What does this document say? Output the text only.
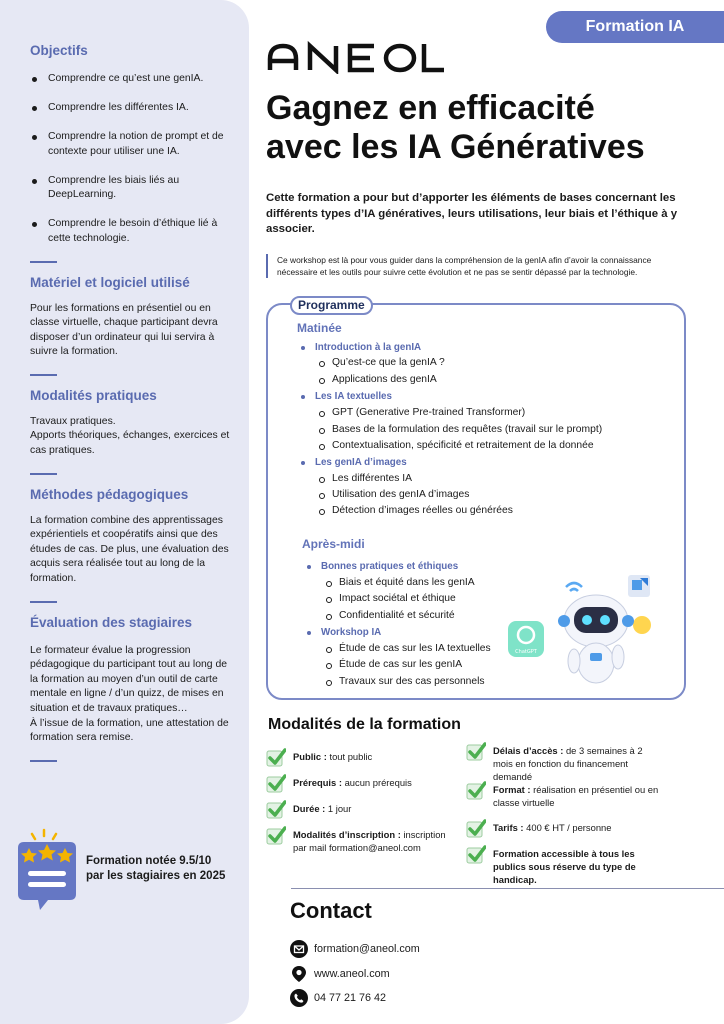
Objectifs
Comprendre ce qu’est une genIA.
Comprendre les différentes IA.
Comprendre la notion de prompt et de contexte pour utiliser une IA.
Comprendre les biais liés au DeepLearning.
Comprendre le besoin d’éthique lié à cette technologie.
Matériel et logiciel utilisé
Pour les formations en présentiel ou en classe virtuelle, chaque participant devra disposer d’un ordinateur qui lui servira à suivre la formation.
Modalités pratiques
Travaux pratiques.
Apports théoriques, échanges, exercices et cas pratiques.
Méthodes pédagogiques
La formation combine des apprentissages expérientiels et coopératifs ainsi que des études de cas. De plus, une évaluation des acquis sera réalisée tout au long de la formation.
Évaluation des stagiaires
Le formateur évalue la progression pédagogique du participant tout au long de la formation au moyen d’un outil de carte mentale en ligne / d’un quizz, de mises en situation et de travaux pratiques…
À l’issue de la formation, une attestation de formation sera remise.
Formation notée 9.5/10
par les stagiaires en 2025
Formation IA
Gagnez en efficacité
avec les IA Génératives
Cette formation a pour but d’apporter les éléments de bases concernant les différents types d’IA génératives, leurs utilisations, leur biais et l’éthique à y associer.
Ce workshop est là pour vous guider dans la compréhension de la genIA afin d’avoir la connaissance nécessaire et les outils pour suivre cette évolution et ne pas se sentir dépassé par la technologie.
Programme
Matinée
Introduction à la genIA
Qu’est-ce que la genIA ?
Applications des genIA
Les IA textuelles
GPT (Generative Pre-trained Transformer)
Bases de la formulation des requêtes (travail sur le prompt)
Contextualisation, spécificité et retraitement de la donnée
Les genIA d’images
Les différentes IA
Utilisation des genIA d’images
Détection d’images réelles ou générées
Après-midi
Bonnes pratiques et éthiques
Biais et équité dans les genIA
Impact sociétal et éthique
Confidentialité et sécurité
Workshop IA
Étude de cas sur les IA textuelles
Étude de cas sur les genIA
Travaux sur des cas personnels
ChatGPT
Modalités de la formation
Public : tout public
Prérequis : aucun prérequis
Durée : 1 jour
Modalités d’inscription : inscription par mail formation@aneol.com
Délais d’accès : de 3 semaines à 2 mois en fonction du financement demandé
Format : réalisation en présentiel ou en classe virtuelle
Tarifs : 400 € HT / personne
Formation accessible à tous les publics sous réserve du type de handicap.
Contact
formation@aneol.com
www.aneol.com
04 77 21 76 42
